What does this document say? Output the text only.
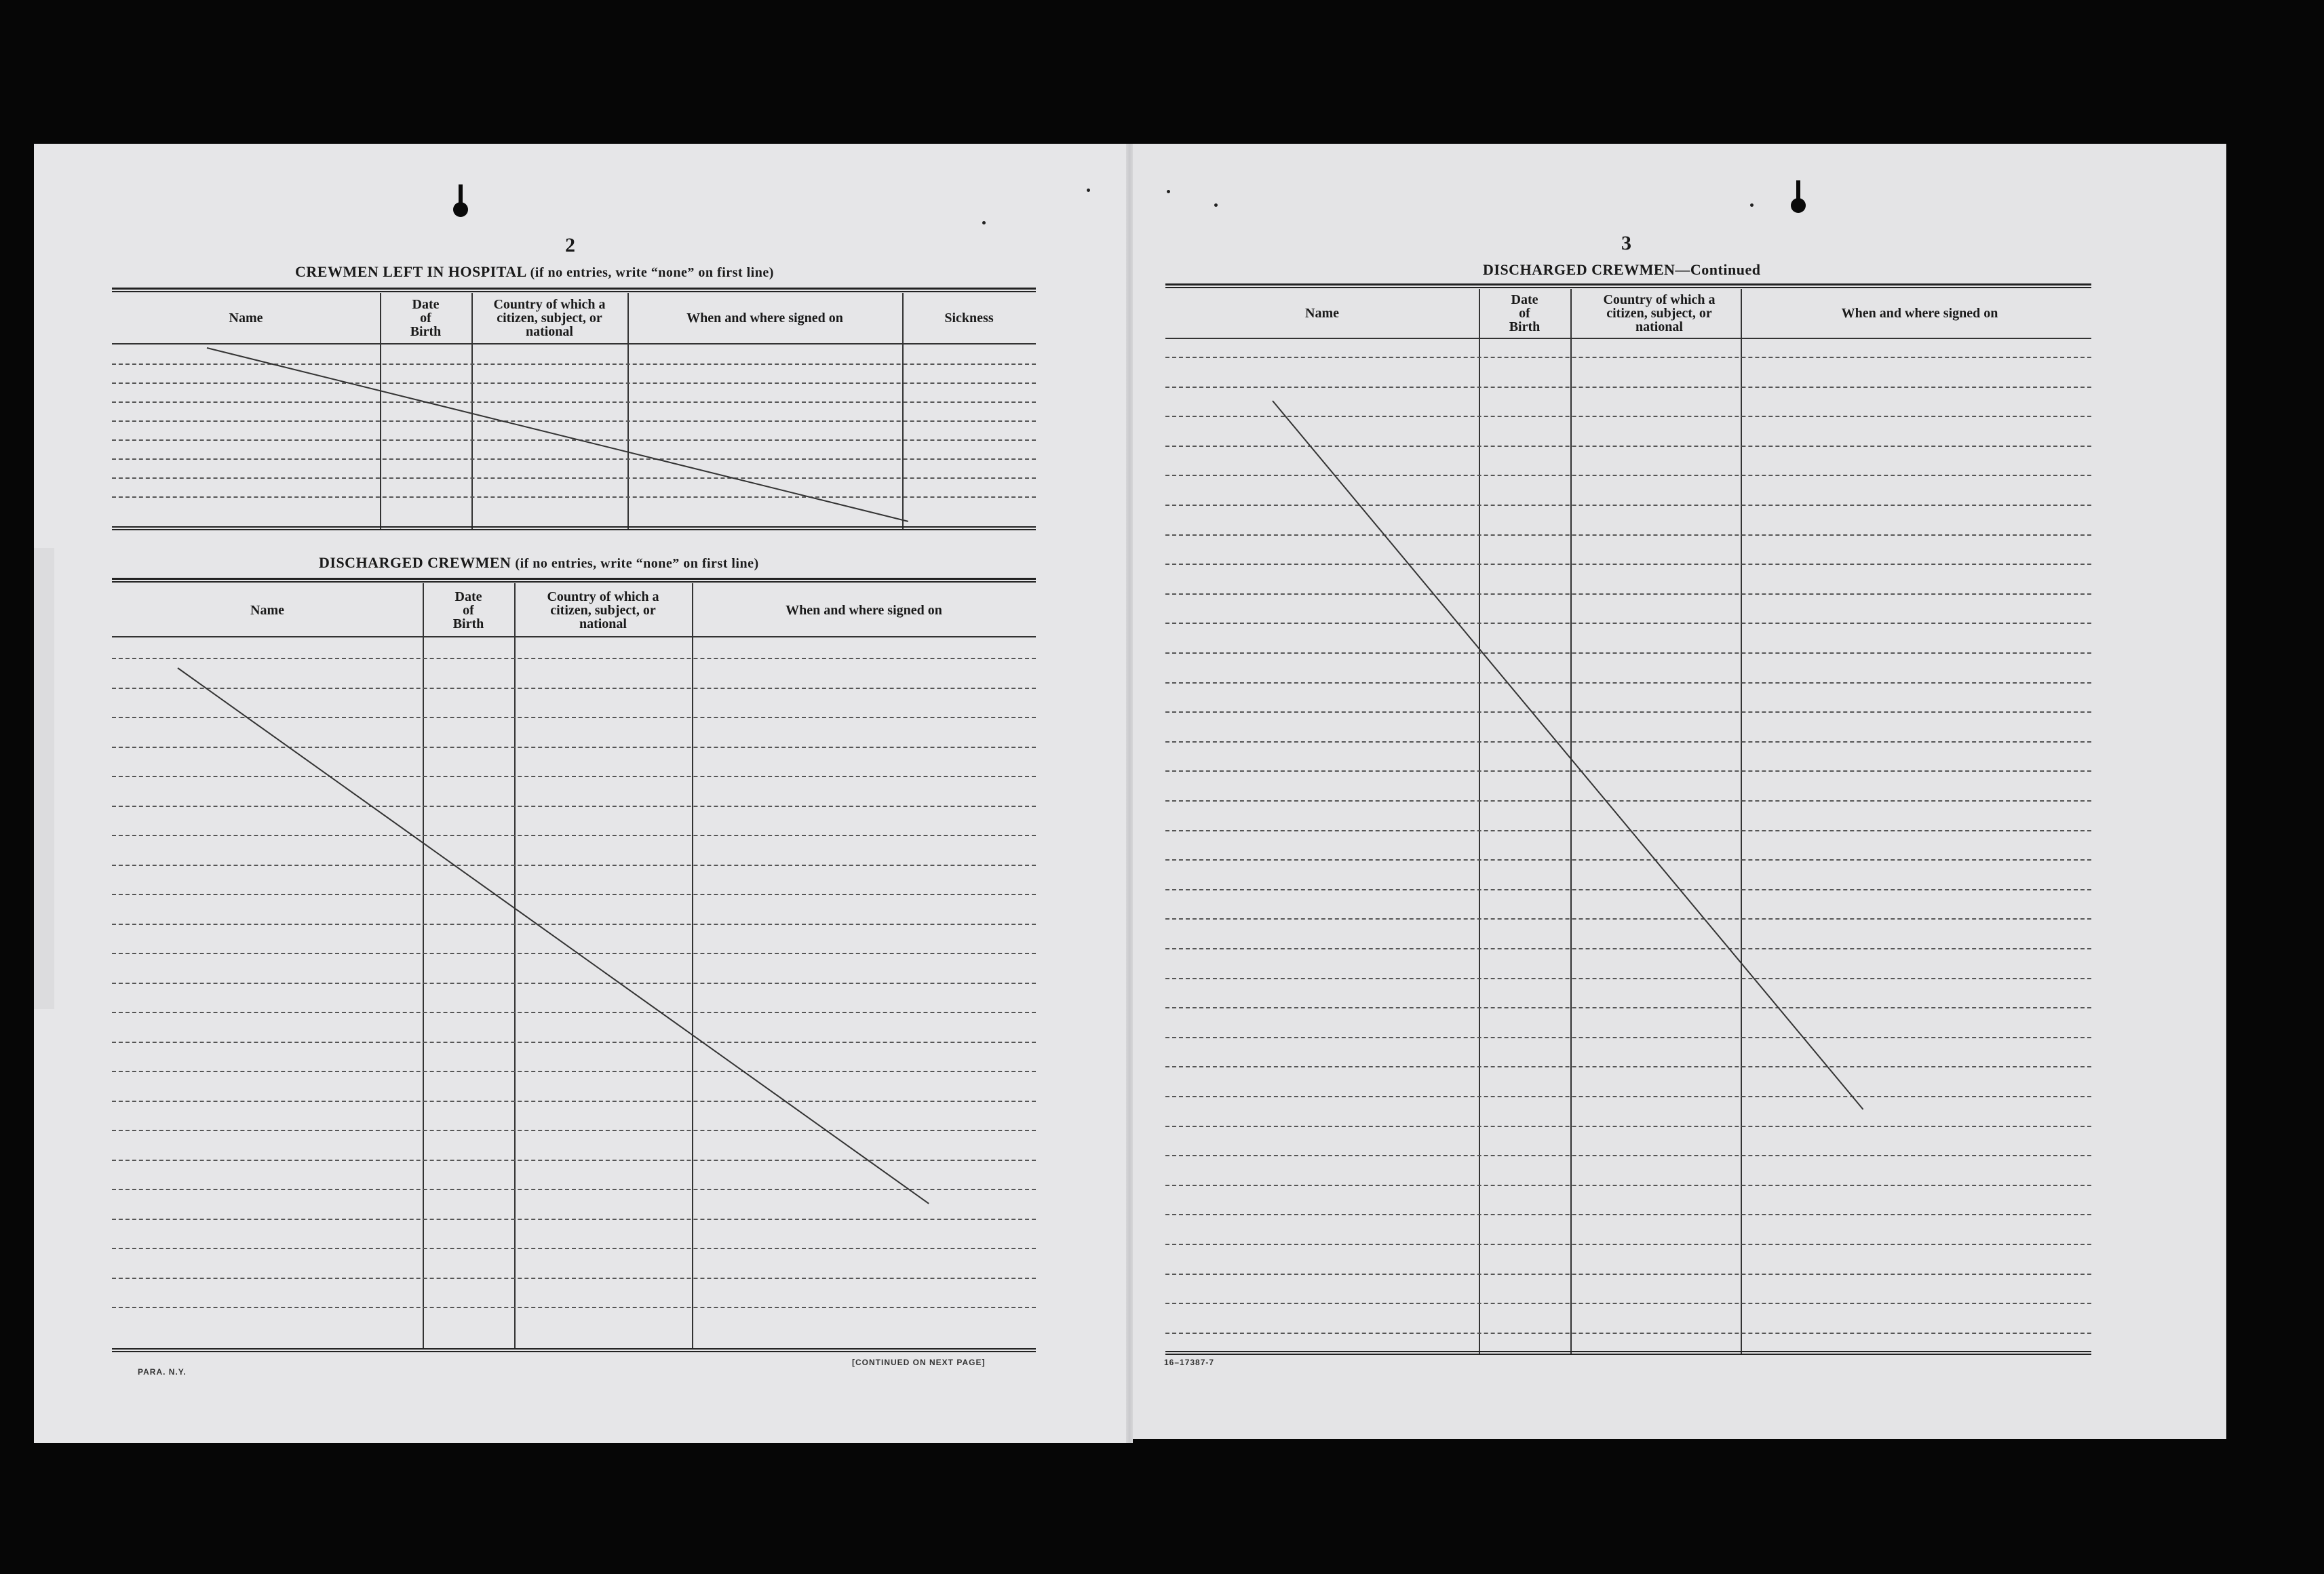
2
CREWMEN LEFT IN HOSPITAL (if no entries, write “none” on first line)
Name
Date
of
Birth
Country of which a
citizen, subject, or
national
When and where signed on	Sickness
DISCHARGED CREWMEN (if no entries, write “none” on first line)
Name
Date
of
Birth
Country of which a
citizen, subject, or
national
When and where signed on
PARA. N.Y.
[CONTINUED ON NEXT PAGE]
3
DISCHARGED CREWMEN—Continued
Name
Date
of
Birth
Country of which a
citizen, subject, or
national
When and where signed on
16–17387-7
